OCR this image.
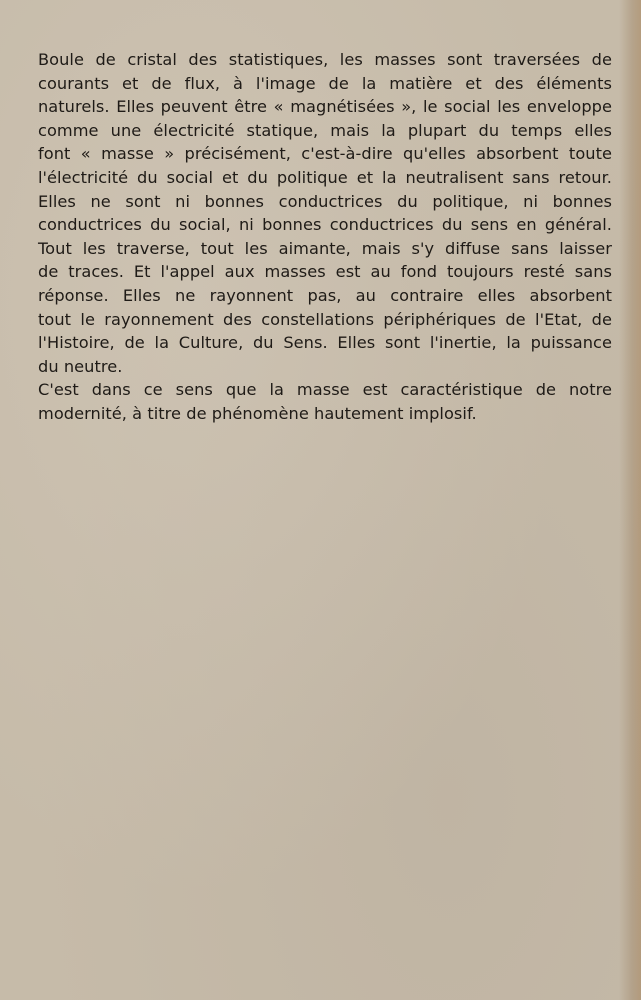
Boule de cristal des statistiques, les masses sont traversées de
courants et de flux, à l'image de la matière et des éléments
naturels. Elles peuvent être « magnétisées », le social les enveloppe
comme une électricité statique, mais la plupart du temps elles
font « masse » précisément, c'est-à-dire qu'elles absorbent toute
l'électricité du social et du politique et la neutralisent sans retour.
Elles ne sont ni bonnes conductrices du politique, ni bonnes
conductrices du social, ni bonnes conductrices du sens en général.
Tout les traverse, tout les aimante, mais s'y diffuse sans laisser
de traces. Et l'appel aux masses est au fond toujours resté sans
réponse. Elles ne rayonnent pas, au contraire elles absorbent
tout le rayonnement des constellations périphériques de l'Etat, de
l'Histoire, de la Culture, du Sens. Elles sont l'inertie, la puissance
du neutre.
C'est dans ce sens que la masse est caractéristique de notre
modernité, à titre de phénomène hautement implosif.
